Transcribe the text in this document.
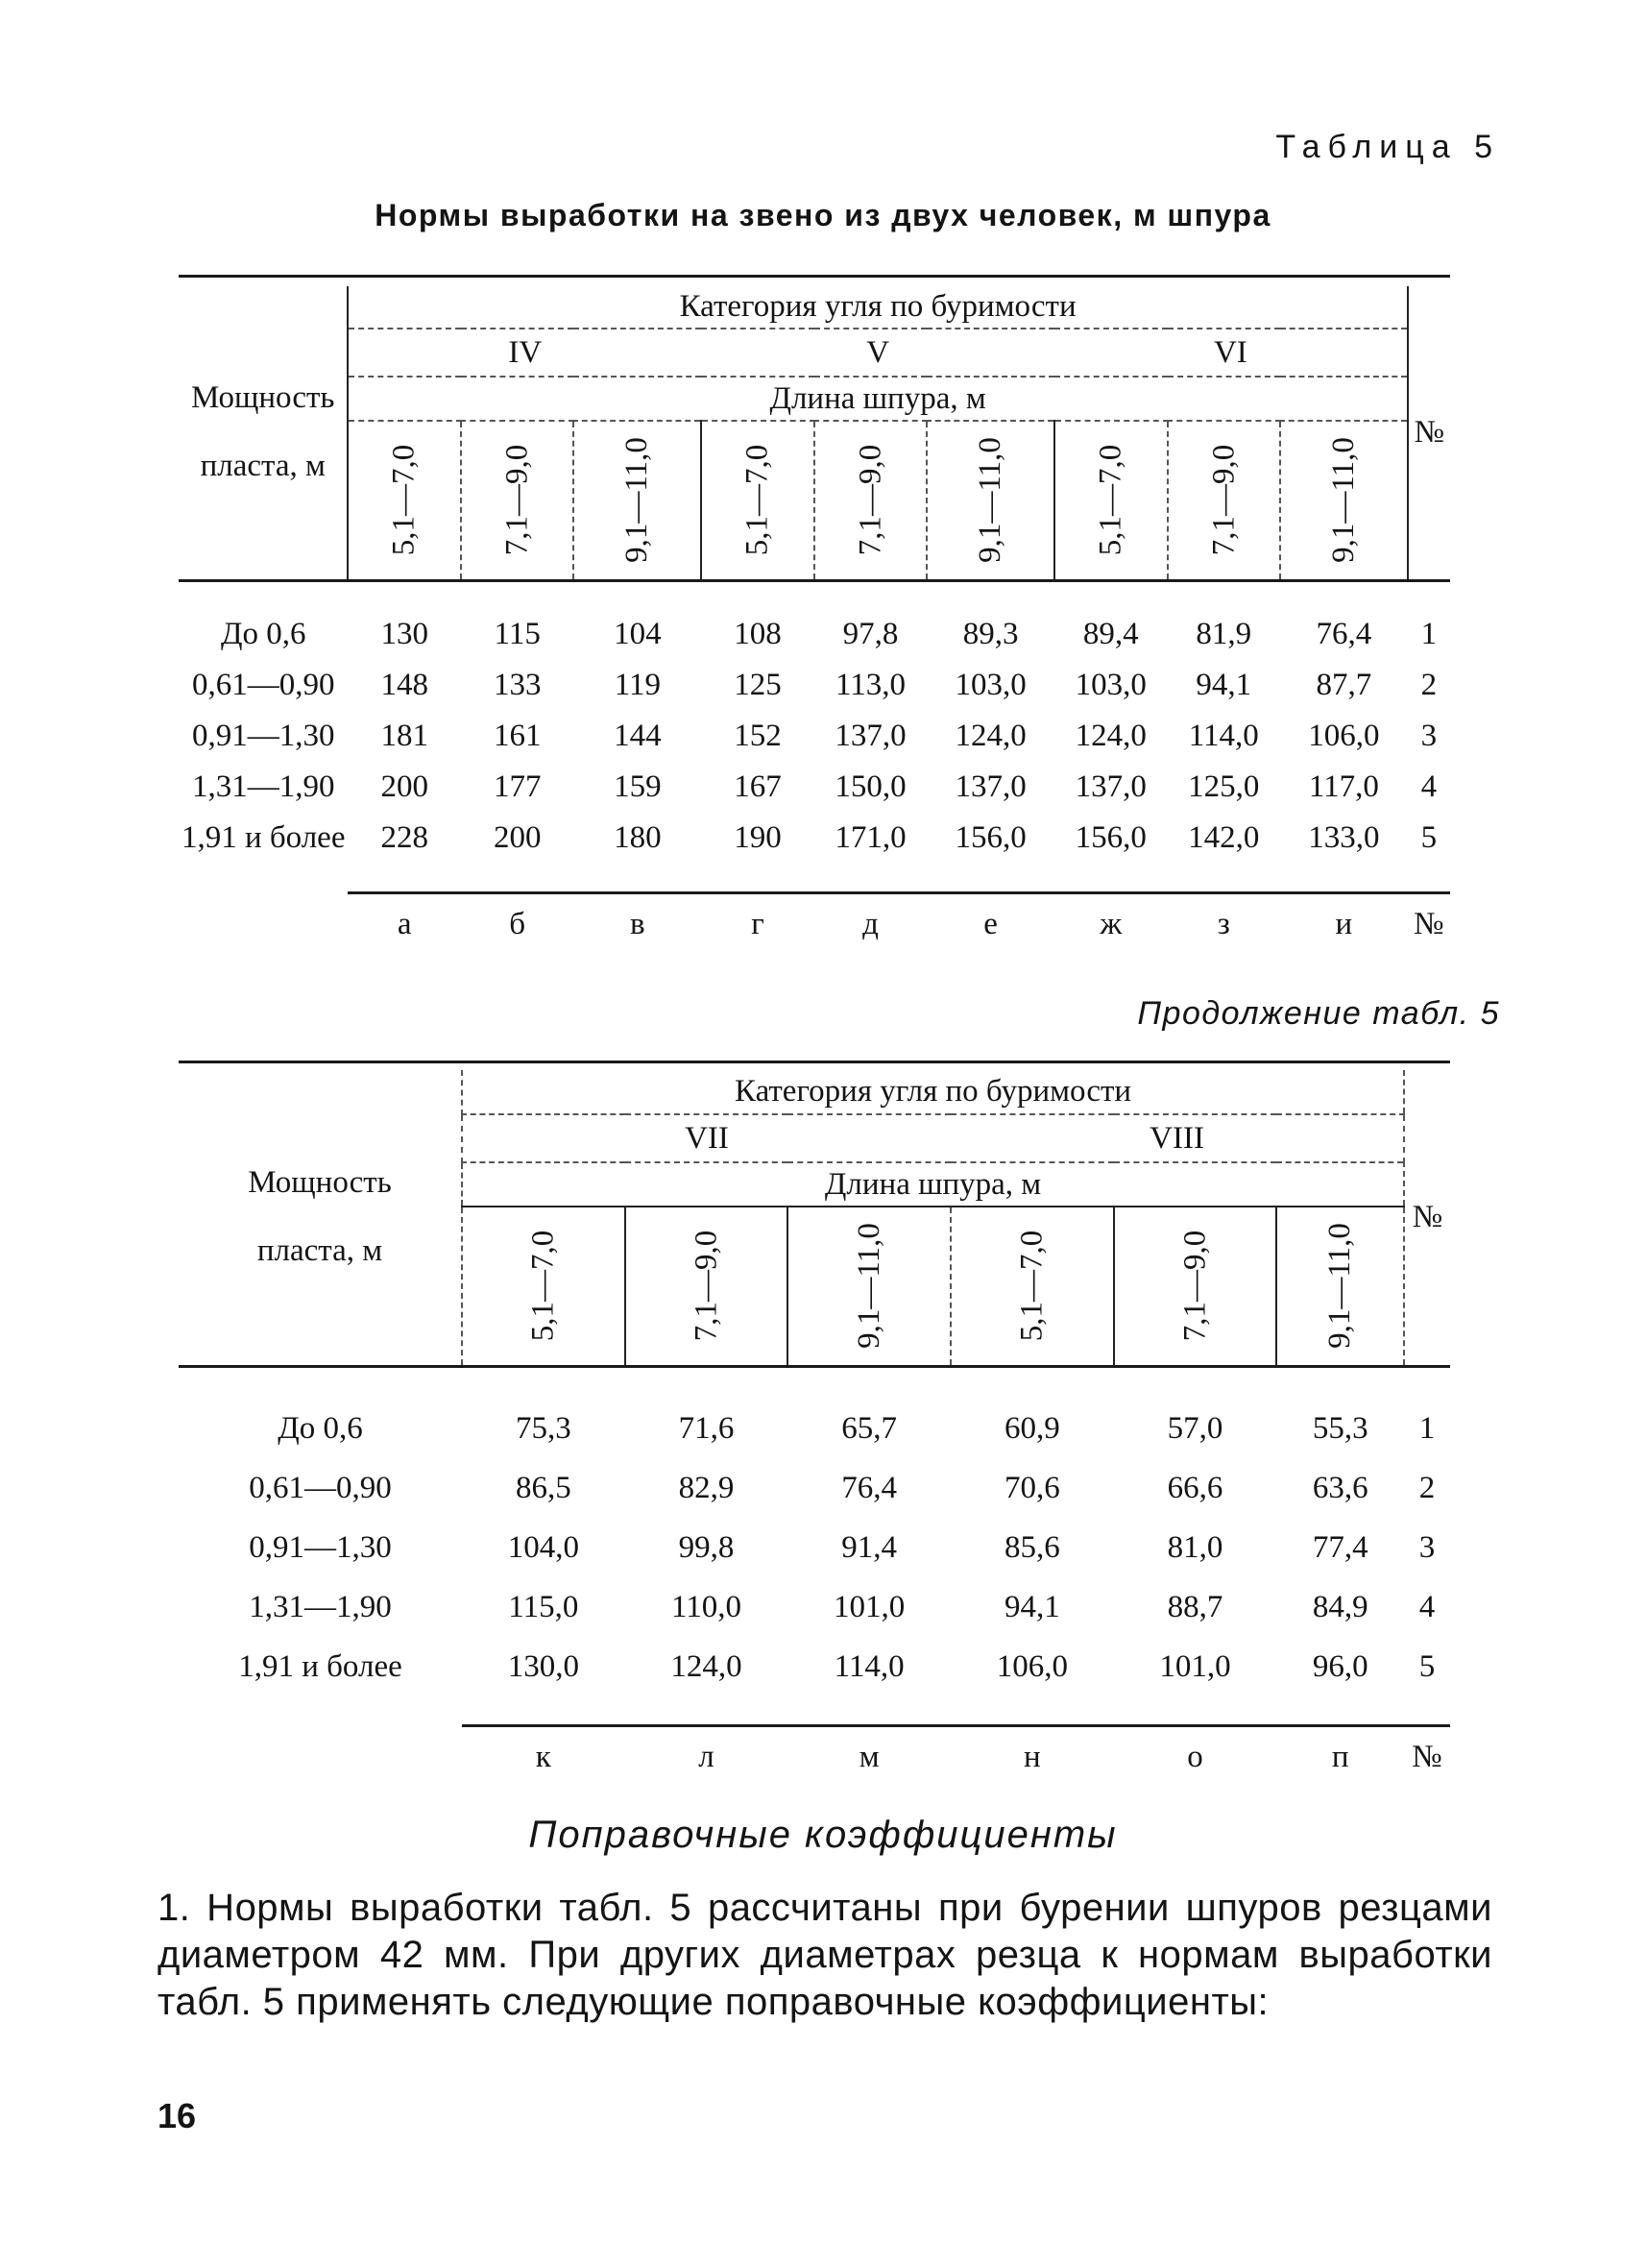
Таблица 5
Нормы выработки на звено из двух человек, м шпура
Мощность
пласта, м	Категория угля по буримости									№
	IV			V			VI			
	Длина шпура, м									
	5,1—7,0	7,1—9,0	9,1—11,0	5,1—7,0	7,1—9,0	9,1—11,0	5,1—7,0	7,1—9,0	9,1—11,0	

До 0,6	130	115	104	108	97,8	89,3	89,4	81,9	76,4	1
0,61—0,90	148	133	119	125	113,0	103,0	103,0	94,1	87,7	2
0,91—1,30	181	161	144	152	137,0	124,0	124,0	114,0	106,0	3
1,31—1,90	200	177	159	167	150,0	137,0	137,0	125,0	117,0	4
1,91 и более	228	200	180	190	171,0	156,0	156,0	142,0	133,0	5

	а	б	в	г	д	е	ж	з	и	№
Продолжение табл. 5
Мощность
пласта, м	Категория угля по буримости						№
	VII			VIII			
	Длина шпура, м						
	5,1—7,0	7,1—9,0	9,1—11,0	5,1—7,0	7,1—9,0	9,1—11,0	

До 0,6	75,3	71,6	65,7	60,9	57,0	55,3	1
0,61—0,90	86,5	82,9	76,4	70,6	66,6	63,6	2
0,91—1,30	104,0	99,8	91,4	85,6	81,0	77,4	3
1,31—1,90	115,0	110,0	101,0	94,1	88,7	84,9	4
1,91 и более	130,0	124,0	114,0	106,0	101,0	96,0	5

	к	л	м	н	о	п	№
Поправочные коэффициенты
1. Нормы выработки табл. 5 рассчитаны при бурении шпуров резцами диаметром 42 мм. При других диаметрах резца к нормам выработки табл. 5 применять следующие поправочные коэффициенты:
16
